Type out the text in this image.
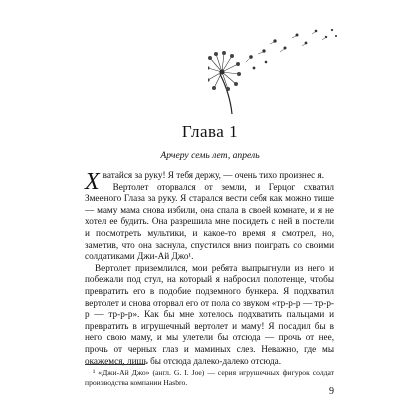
Глава 1
Арчеру семь лет, апрель

Хватайся за руку! Я тебя держу, — очень тихо произнес я.

Вертолет оторвался от земли, и Герцог схватил Змееного Глаза за руку. Я старался вести себя как можно тише — маму мама снова избили, она спала в своей комнате, и я не хотел ее будить. Она разрешила мне посидеть с ней в постели и посмотреть мультики, и какое-то время я смотрел, но, заметив, что она заснула, спустился вниз поиграть со своими солдатиками Джи-Ай Джо¹.

Вертолет приземлился, мои ребята выпрыгнули из него и побежали под стул, на который я набросил полотенце, чтобы превратить его в подобие подземного бункера. Я подхватил вертолет и снова оторвал его от пола со звуком «тр-р-р — тр-р-р — тр-р-р». Как бы мне хотелось подхватить пальцами и превратить в игрушечный вертолет и маму! Я посадил бы в него свою маму, и мы улетели бы отсюда — прочь от нее, прочь от черных глаз и маминых слез. Неважно, где мы окажемся, лишь бы отсюда далеко-далеко отсюда.

¹ «Джи-Ай Джо» (англ. G. I. Joe) — серия игрушечных фигурок солдат производства компании Hasbro.
9
